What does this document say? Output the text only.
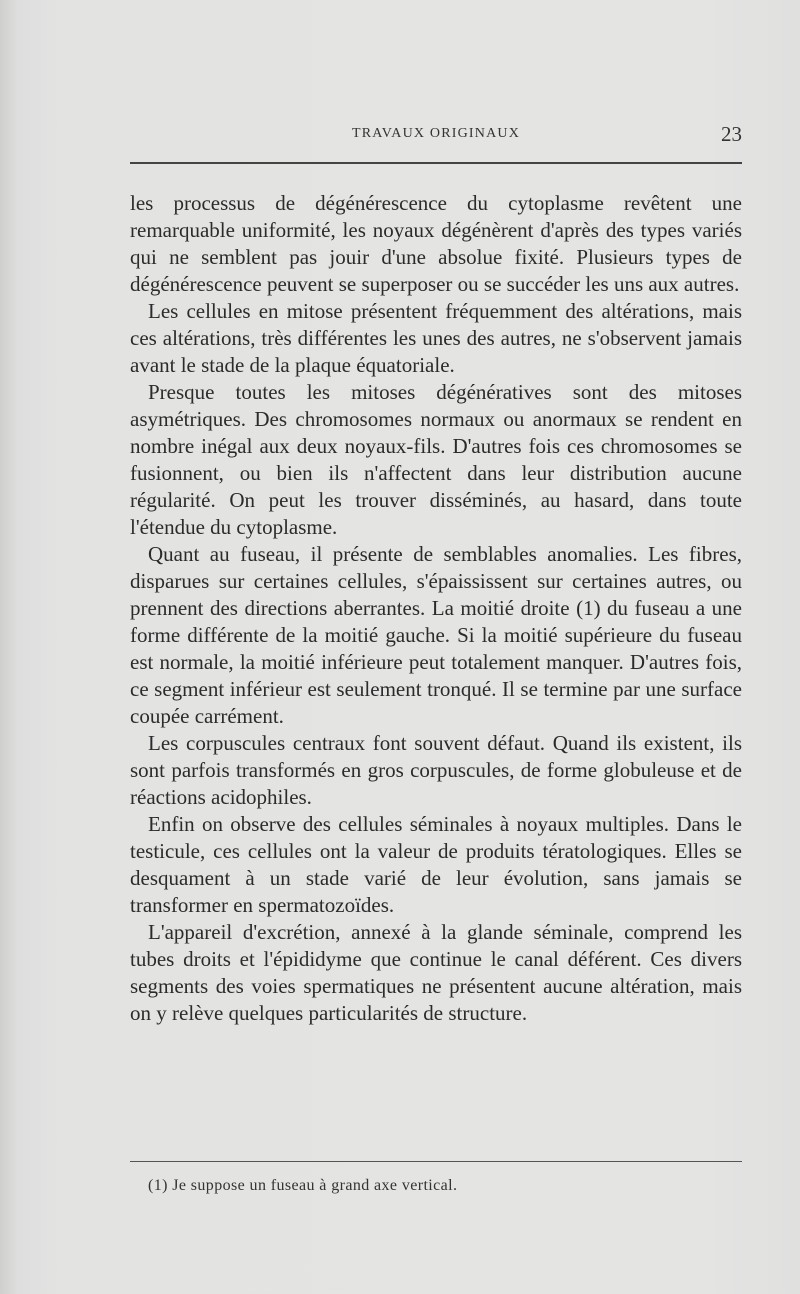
TRAVAUX ORIGINAUX	23

les processus de dégénérescence du cytoplasme revêtent une remarquable uniformité, les noyaux dégénèrent d'après des types variés qui ne semblent pas jouir d'une absolue fixité. Plusieurs types de dégénérescence peuvent se superposer ou se succéder les uns aux autres.

Les cellules en mitose présentent fréquemment des altérations, mais ces altérations, très différentes les unes des autres, ne s'observent jamais avant le stade de la plaque équatoriale.

Presque toutes les mitoses dégénératives sont des mitoses asymétriques. Des chromosomes normaux ou anormaux se rendent en nombre inégal aux deux noyaux-fils. D'autres fois ces chromosomes se fusionnent, ou bien ils n'affectent dans leur distribution aucune régularité. On peut les trouver disséminés, au hasard, dans toute l'étendue du cytoplasme.

Quant au fuseau, il présente de semblables anomalies. Les fibres, disparues sur certaines cellules, s'épaississent sur certaines autres, ou prennent des directions aberrantes. La moitié droite (1) du fuseau a une forme différente de la moitié gauche. Si la moitié supérieure du fuseau est normale, la moitié inférieure peut totalement manquer. D'autres fois, ce segment inférieur est seulement tronqué. Il se termine par une surface coupée carrément.

Les corpuscules centraux font souvent défaut. Quand ils existent, ils sont parfois transformés en gros corpuscules, de forme globuleuse et de réactions acidophiles.

Enfin on observe des cellules séminales à noyaux multiples. Dans le testicule, ces cellules ont la valeur de produits tératologiques. Elles se desquament à un stade varié de leur évolution, sans jamais se transformer en spermatozoïdes.

L'appareil d'excrétion, annexé à la glande séminale, comprend les tubes droits et l'épididyme que continue le canal déférent. Ces divers segments des voies spermatiques ne présentent aucune altération, mais on y relève quelques particularités de structure.

(1) Je suppose un fuseau à grand axe vertical.
